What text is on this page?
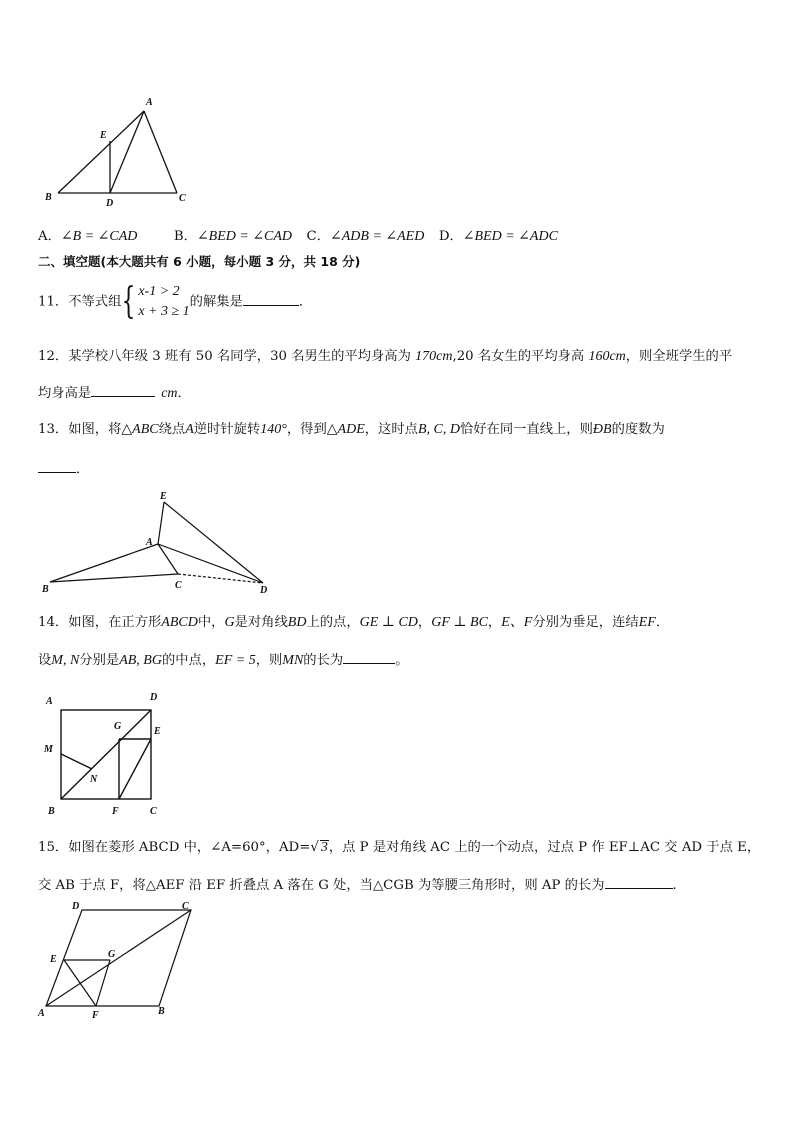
A
E
B
D	C
A．∠B = ∠CAD	B．∠BED = ∠CAD C．∠ADB = ∠AED D．∠BED = ∠ADC
二、填空题(本大题共有 6 小题，每小题 3 分，共 18 分)
11．不等式组 { x-1 > 2
x + 3 ≥ 1
的解集是	．
12．某学校八年级 3 班有 50 名同学，30 名男生的平均身高为 170cm,20 名女生的平均身高 160cm，则全班学生的平
均身高是	cm．
13．如图，将△ABC绕点A逆时针旋转140°，得到△ADE，这时点B, C, D恰好在同一直线上，则ÐB的度数为
．
E
A
B	C	D
14．如图，在正方形ABCD中，G是对角线BD上的点，GE ⊥ CD，GF ⊥ BC，E、F分别为垂足，连结EF．
设M, N分别是AB, BG的中点，EF = 5，则MN的长为	。
A	D
G	E
M
N
B	F	C
15．如图在菱形 ABCD 中，∠A=60°，AD=√ 3，点 P 是对角线 AC 上的一个动点，过点 P 作 EF⊥AC 交 AD 于点 E，
交 AB 于点 F，将△AEF 沿 EF 折叠点 A 落在 G 处，当△CGB 为等腰三角形时，则 AP 的长为	.
D	C
E	G
A	F	B
